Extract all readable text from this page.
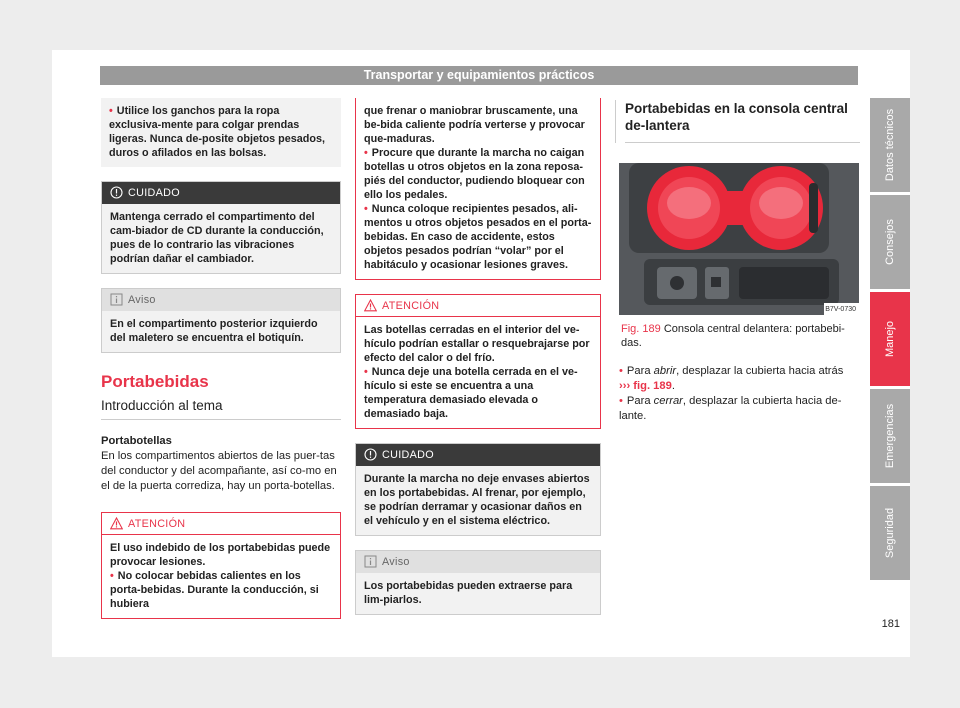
Transportar y equipamientos prácticos
• Utilice los ganchos para la ropa exclusiva-mente para colgar prendas ligeras. Nunca de-posite objetos pesados, duros o afilados en las bolsas.
CUIDADO
Mantenga cerrado el compartimento del cam-biador de CD durante la conducción, pues de lo contrario las vibraciones podrían dañar el cambiador.
Aviso
En el compartimento posterior izquierdo del maletero se encuentra el botiquín.
Portabebidas
Introducción al tema
Portabotellas
En los compartimentos abiertos de las puer-tas del conductor y del acompañante, así co-mo en el de la puerta corrediza, hay un porta-botellas.
ATENCIÓN
El uso indebido de los portabebidas puede provocar lesiones.
• No colocar bebidas calientes en los porta-bebidas. Durante la conducción, si hubiera
que frenar o maniobrar bruscamente, una be-bida caliente podría verterse y provocar que-maduras.
• Procure que durante la marcha no caigan botellas u otros objetos en la zona reposa-piés del conductor, pudiendo bloquear con ello los pedales.
• Nunca coloque recipientes pesados, ali-mentos u otros objetos pesados en el porta-bebidas. En caso de accidente, estos objetos pesados podrían “volar” por el habitáculo y ocasionar lesiones graves.
ATENCIÓN
Las botellas cerradas en el interior del ve-hículo podrían estallar o resquebrajarse por efecto del calor o del frío.
• Nunca deje una botella cerrada en el ve-hículo si este se encuentra a una temperatura demasiado elevada o demasiado baja.
CUIDADO
Durante la marcha no deje envases abiertos en los portabebidas. Al frenar, por ejemplo, se podrían derramar y ocasionar daños en el vehículo y en el sistema eléctrico.
Aviso
Los portabebidas pueden extraerse para lim-piarlos.
Portabebidas en la consola central de-lantera
B7V-0730
Fig. 189 Consola central delantera: portabebi-das.
• Para abrir, desplazar la cubierta hacia atrás
››› fig. 189.
• Para cerrar, desplazar la cubierta hacia de-lante.
Datos técnicos
Consejos
Manejo
Emergencias
Seguridad
181
